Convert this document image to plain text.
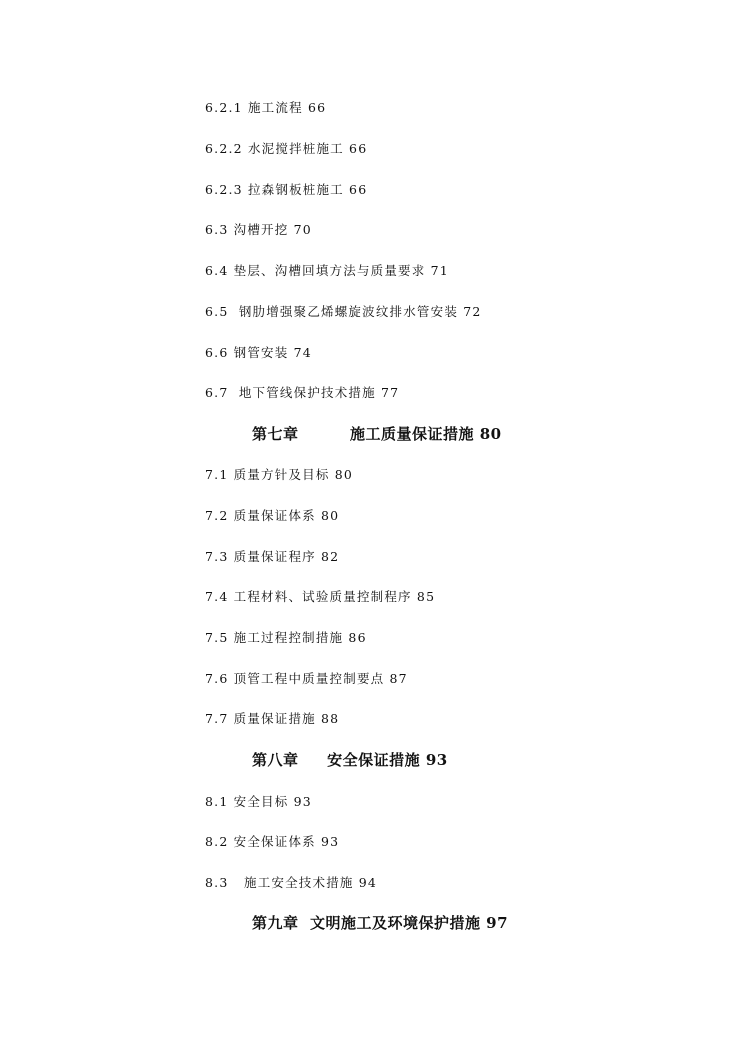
6.2.1 施工流程 66
6.2.2 水泥搅拌桩施工 66
6.2.3 拉森钢板桩施工 66
6.3 沟槽开挖 70
6.4 垫层、沟槽回填方法与质量要求 71
6.5  钢肋增强聚乙烯螺旋波纹排水管安装 72
6.6 钢管安装 74
6.7  地下管线保护技术措施 77
第七章         施工质量保证措施 80
7.1 质量方针及目标 80
7.2 质量保证体系 80
7.3 质量保证程序 82
7.4 工程材料、试验质量控制程序 85
7.5 施工过程控制措施 86
7.6 顶管工程中质量控制要点 87
7.7 质量保证措施 88
第八章     安全保证措施 93
8.1 安全目标 93
8.2 安全保证体系 93
8.3   施工安全技术措施 94
第九章  文明施工及环境保护措施 97
